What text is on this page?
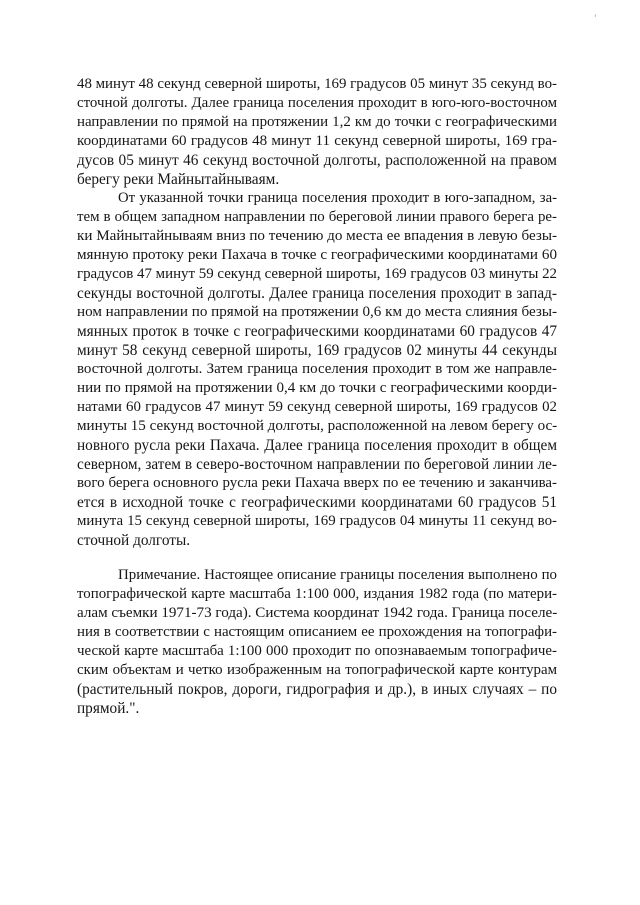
'

48 минут 48 секунд северной широты, 169 градусов 05 минут 35 секунд во-

сточной долготы. Далее граница поселения проходит в юго-юго-восточном

направлении по прямой на протяжении 1,2 км до точки с географическими

координатами 60 градусов 48 минут 11 секунд северной широты, 169 гра-

дусов 05 минут 46 секунд восточной долготы, расположенной на правом

берегу реки Майнытайнываям.

От указанной точки граница поселения проходит в юго-западном, за-

тем в общем западном направлении по береговой линии правого берега ре-

ки Майнытайнываям вниз по течению до места ее впадения в левую безы-

мянную протоку реки Пахача в точке с географическими координатами 60

градусов 47 минут 59 секунд северной широты, 169 градусов 03 минуты 22

секунды восточной долготы. Далее граница поселения проходит в запад-

ном направлении по прямой на протяжении 0,6 км до места слияния безы-

мянных проток в точке с географическими координатами 60 градусов 47

минут 58 секунд северной широты, 169 градусов 02 минуты 44 секунды

восточной долготы. Затем граница поселения проходит в том же направле-

нии по прямой на протяжении 0,4 км до точки с географическими коорди-

натами 60 градусов 47 минут 59 секунд северной широты, 169 градусов 02

минуты 15 секунд восточной долготы, расположенной на левом берегу ос-

новного русла реки Пахача. Далее граница поселения проходит в общем

северном, затем в северо-восточном направлении по береговой линии ле-

вого берега основного русла реки Пахача вверх по ее течению и заканчива-

ется в исходной точке с географическими координатами 60 градусов 51

минута 15 секунд северной широты, 169 градусов 04 минуты 11 секунд во-

сточной долготы.

Примечание. Настоящее описание границы поселения выполнено по

топографической карте масштаба 1:100 000, издания 1982 года (по матери-

алам съемки 1971-73 года). Система координат 1942 года. Граница поселе-

ния в соответствии с настоящим описанием ее прохождения на топографи-

ческой карте масштаба 1:100 000 проходит по опознаваемым топографиче-

ским объектам и четко изображенным на топографической карте контурам

(растительный покров, дороги, гидрография и др.), в иных случаях – по

прямой.".
